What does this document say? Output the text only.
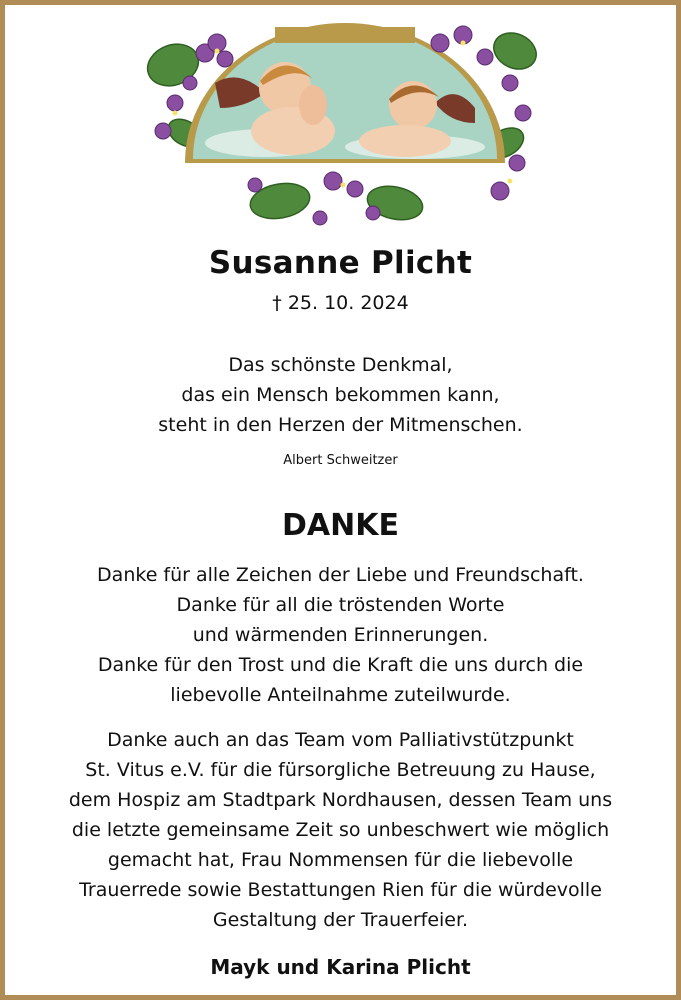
Susanne Plicht
† 25. 10. 2024
Das schönste Denkmal,
das ein Mensch bekommen kann,
steht in den Herzen der Mitmenschen.
Albert Schweitzer
DANKE
Danke für alle Zeichen der Liebe und Freundschaft.
Danke für all die tröstenden Worte
und wärmenden Erinnerungen.
Danke für den Trost und die Kraft die uns durch die
liebevolle Anteilnahme zuteilwurde.
Danke auch an das Team vom Palliativstützpunkt
St. Vitus e.V. für die fürsorgliche Betreuung zu Hause,
dem Hospiz am Stadtpark Nordhausen, dessen Team uns
die letzte gemeinsame Zeit so unbeschwert wie möglich
gemacht hat, Frau Nommensen für die liebevolle
Trauerrede sowie Bestattungen Rien für die würdevolle
Gestaltung der Trauerfeier.
Mayk und Karina Plicht
